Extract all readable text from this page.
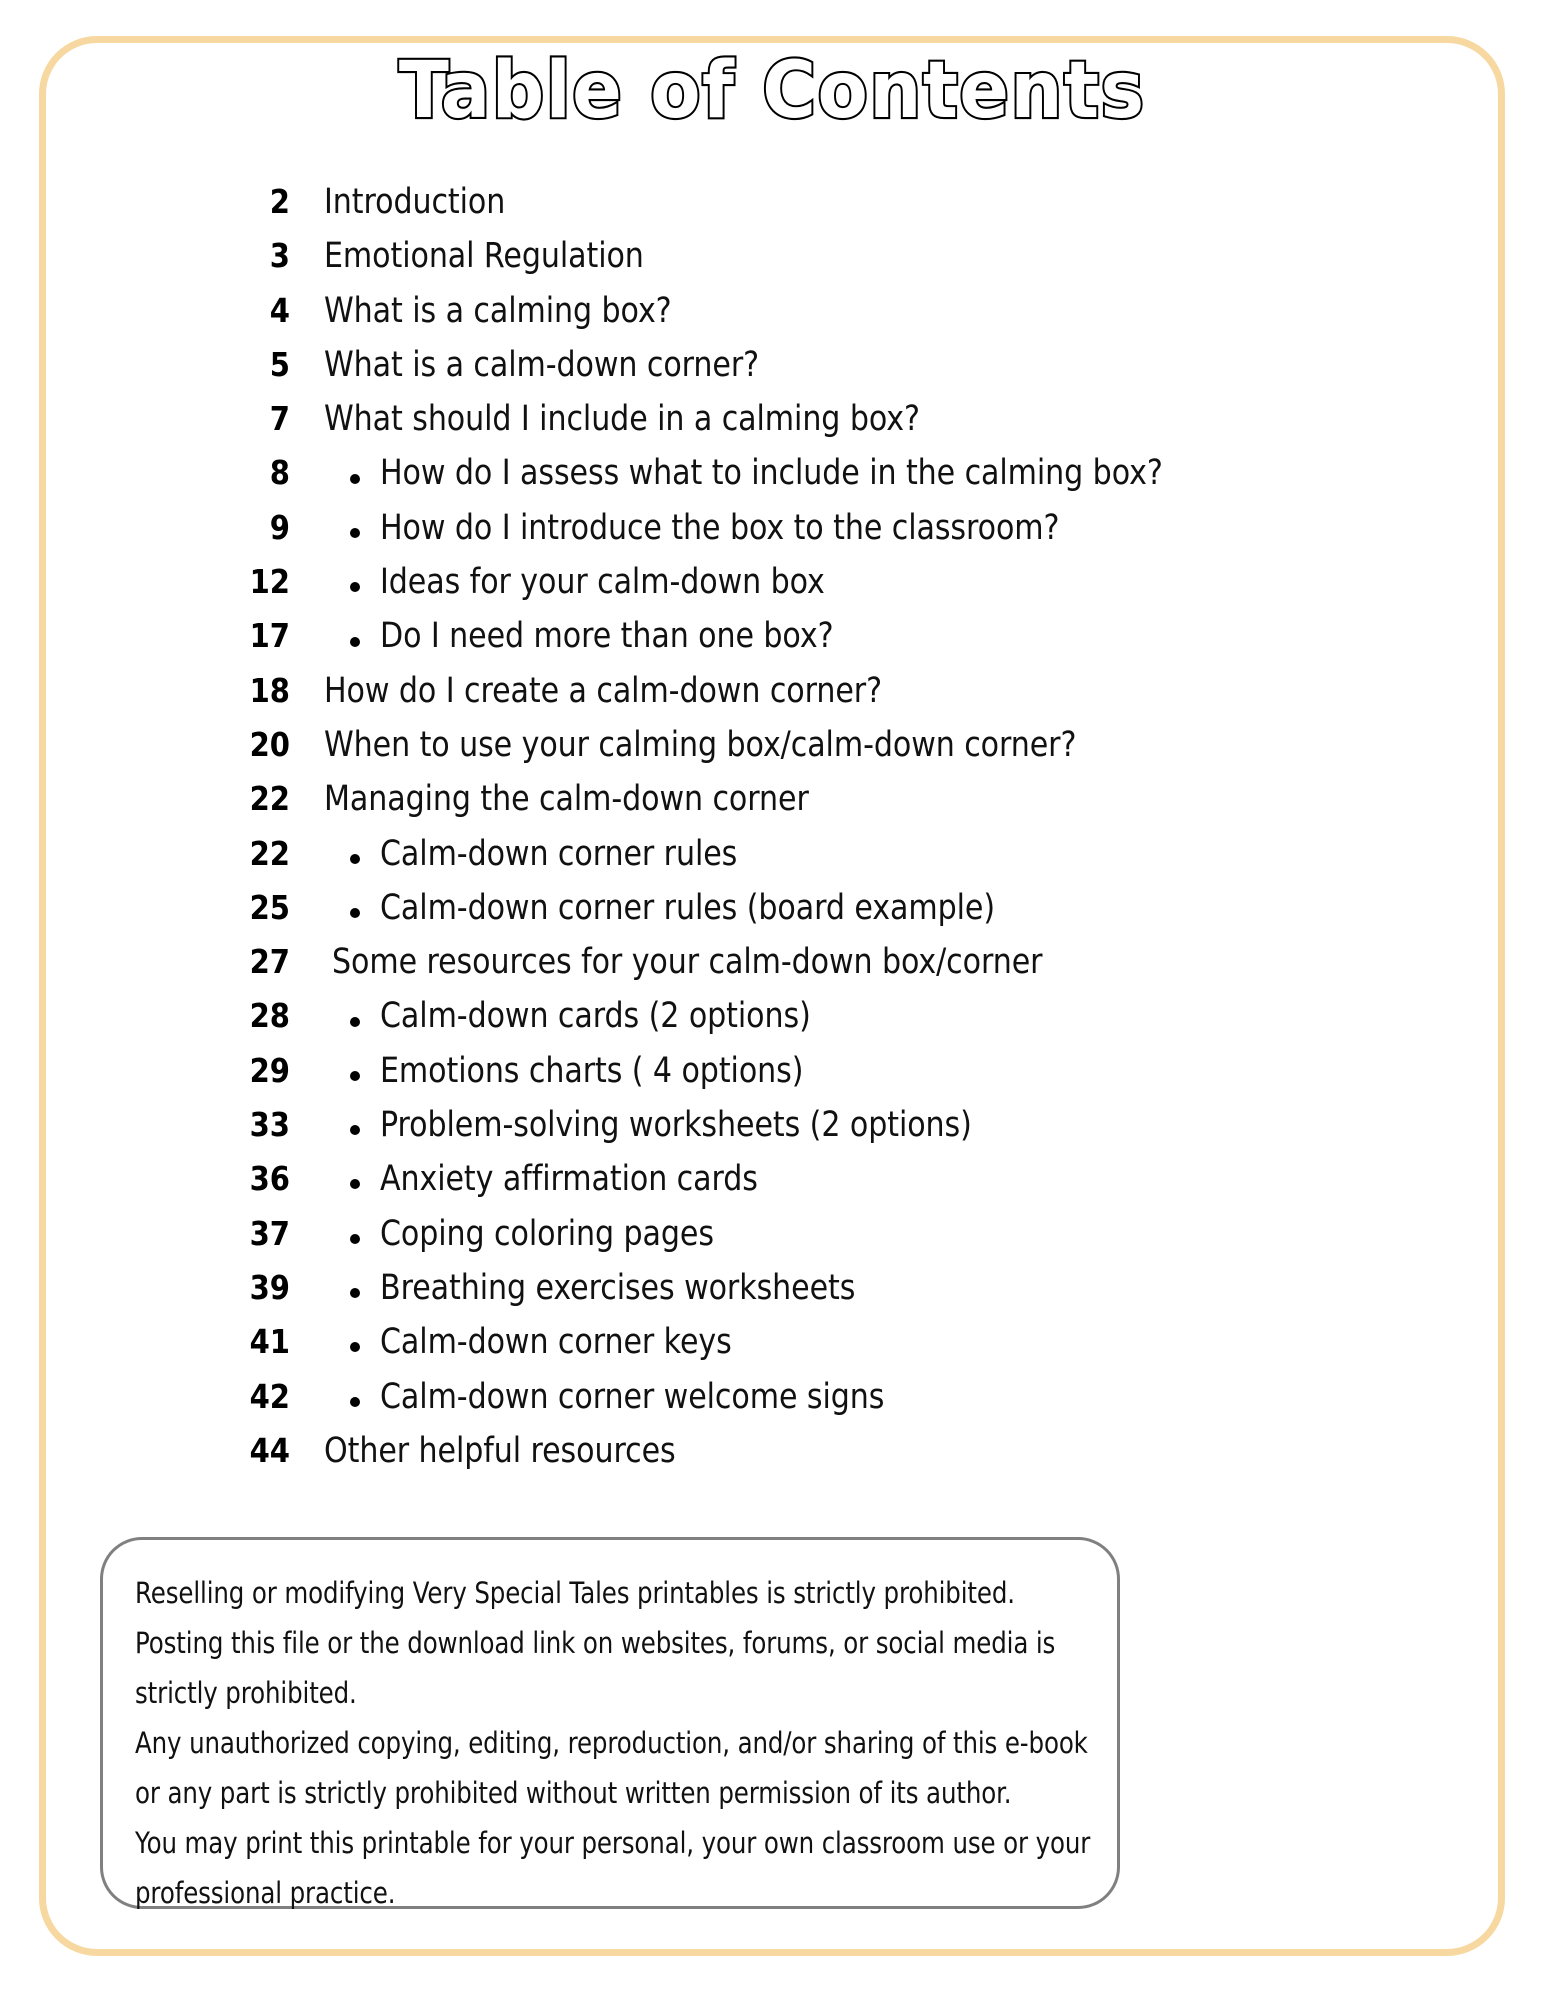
Table of Contents
2 Introduction
3 Emotional Regulation
4 What is a calming box?
5 What is a calm-down corner?
7 What should I include in a calming box?
8	How do I assess what to include in the calming box?
9	How do I introduce the box to the classroom?
12	Ideas for your calm-down box
17	Do I need more than one box?
18 How do I create a calm-down corner?
20 When to use your calming box/calm-down corner?
22 Managing the calm-down corner
22	Calm-down corner rules
25	Calm-down corner rules (board example)
27 Some resources for your calm-down box/corner
28	Calm-down cards (2 options)
29	Emotions charts ( 4 options)
33	Problem-solving worksheets (2 options)
36	Anxiety affirmation cards
37	Coping coloring pages
39	Breathing exercises worksheets
41	Calm-down corner keys
42	Calm-down corner welcome signs
44 Other helpful resources
Reselling or modifying Very Special Tales printables is strictly prohibited.
Posting this file or the download link on websites, forums, or social media is
strictly prohibited.
Any unauthorized copying, editing, reproduction, and/or sharing of this e-book
or any part is strictly prohibited without written permission of its author.
You may print this printable for your personal, your own classroom use or your
professional practice.
